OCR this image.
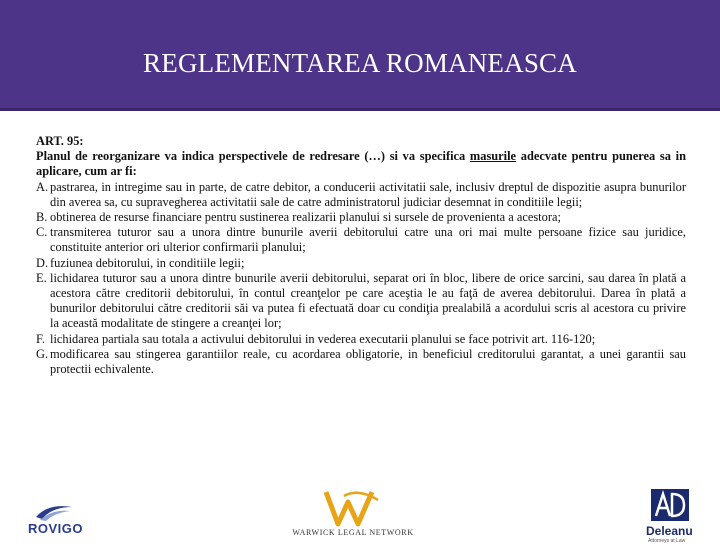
REGLEMENTAREA ROMANEASCA

ART. 95:

Planul de reorganizare va indica perspectivele de redresare (…) si va specifica masurile adecvate pentru punerea sa in aplicare, cum ar fi:

A. pastrarea, in intregime sau in parte, de catre debitor, a conducerii activitatii sale, inclusiv dreptul de dispozitie asupra bunurilor din averea sa, cu supravegherea activitatii sale de catre administratorul judiciar desemnat in conditiile legii;
B. obtinerea de resurse financiare pentru sustinerea realizarii planului si sursele de provenienta a acestora;
C. transmiterea tuturor sau a unora dintre bunurile averii debitorului catre una ori mai multe persoane fizice sau juridice, constituite anterior ori ulterior confirmarii planului;
D. fuziunea debitorului, in conditiile legii;
E. lichidarea tuturor sau a unora dintre bunurile averii debitorului, separat ori în bloc, libere de orice sarcini, sau darea în plată a acestora către creditorii debitorului, în contul creanţelor pe care aceştia le au faţă de averea debitorului. Darea în plată a bunurilor debitorului către creditorii săi va putea fi efectuată doar cu condiţia prealabilă a acordului scris al acestora cu privire la această modalitate de stingere a creanţei lor;
F. lichidarea partiala sau totala a activului debitorului in vederea executarii planului se face potrivit art. 116-120;
G. modificarea sau stingerea garantiilor reale, cu acordarea obligatorie, in beneficiul creditorului garantat, a unei garantii sau protectii echivalente.
ROVIGO	WARWICK LEGAL NETWORK	Deleanu
Attorneys at Law
